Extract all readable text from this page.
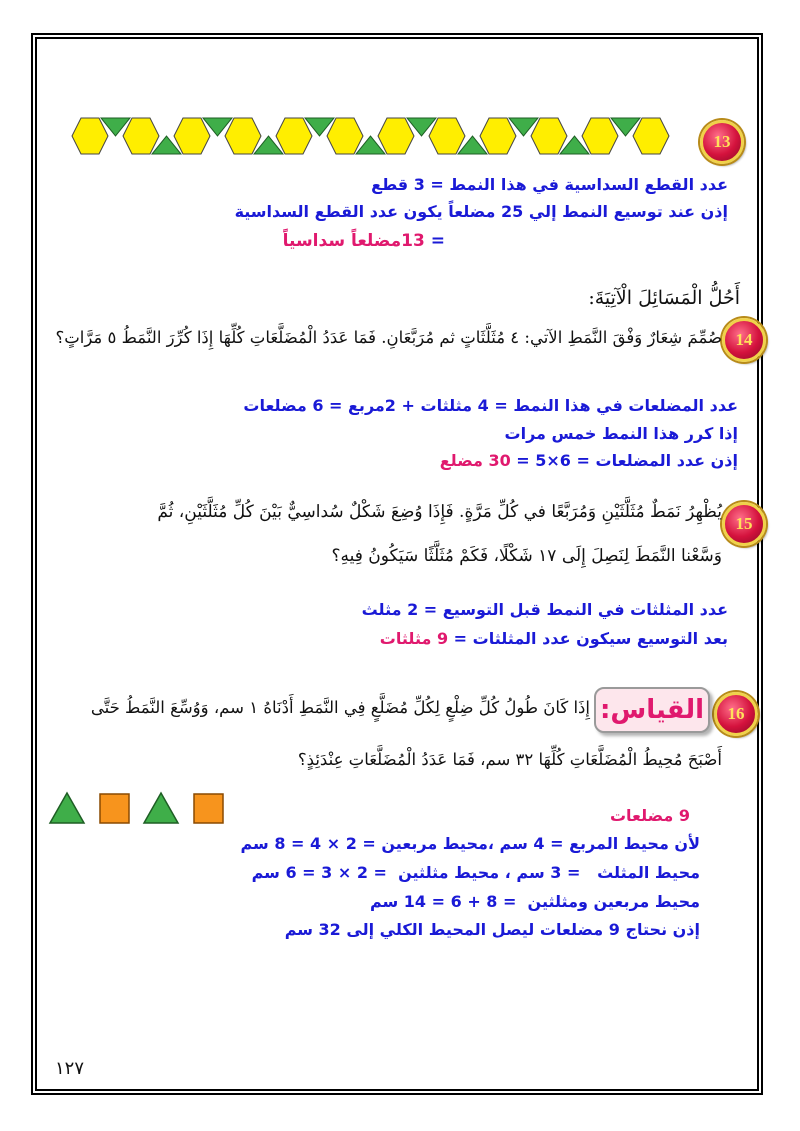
13
عدد القطع السداسية في هذا النمط = 3 قطع
إذن عند توسيع النمط إلي 25 مضلعاً يكون عدد القطع السداسية
= 13مضلعاً سداسياً
أَحُلُّ الْمَسَائِلَ الْآتِيَةَ:
14
صُمِّمَ شِعَارٌ وَفْقَ النَّمَطِ الآتي: ٤ مُثَلَّثَاتٍ ثم مُرَبَّعَانِ. فَمَا عَدَدُ الْمُضَلَّعَاتِ كُلِّهَا إِذَا كُرِّرَ النَّمَطُ ٥ مَرَّاتٍ؟
عدد المضلعات في هذا النمط = 4 مثلثات + 2مربع = 6 مضلعات
إذا كرر هذا النمط خمس مرات
إذن عدد المضلعات = 6×5 = 30 مضلع
15
يُظْهِرُ نَمَطٌ مُثَلَّثَيْنِ وَمُرَبَّعًا في كُلِّ مَرَّةٍ. فَإِذَا وُضِعَ شَكْلٌ سُداسِيٌّ بَيْنَ كُلِّ مُثَلَّثَيْنِ، ثُمَّ
وَسَّعْنا النَّمَطَ لِنَصِلَ إِلَى ١٧ شَكْلًا، فَكَمْ مُثَلَّثًا سَيَكُونُ فِيهِ؟
عدد المثلثات في النمط قبل التوسيع = 2 مثلث
بعد التوسيع سيكون عدد المثلثات = 9 مثلثات
16
القياس:
إِذَا كَانَ طُولُ كُلِّ ضِلْعٍ لِكُلِّ مُضَلَّعٍ فِي النَّمَطِ أَدْنَاهُ ١ سم، وَوُسِّعَ النَّمَطُ حَتَّى
أَصْبَحَ مُحِيطُ الْمُضَلَّعَاتِ كُلِّهَا ٣٢ سم، فَمَا عَدَدُ الْمُضَلَّعَاتِ عِنْدَئِذٍ؟
9 مضلعات
لأن محيط المربع = 4 سم ،محيط مربعين = 2 × 4 = 8 سم
محيط المثلث   = 3 سم ، محيط مثلثين  = 2 × 3 = 6 سم
محيط مربعين ومثلثين  = 8 + 6 = 14 سم
إذن نحتاج 9 مضلعات ليصل المحيط الكلي إلى 32 سم
١٢٧
